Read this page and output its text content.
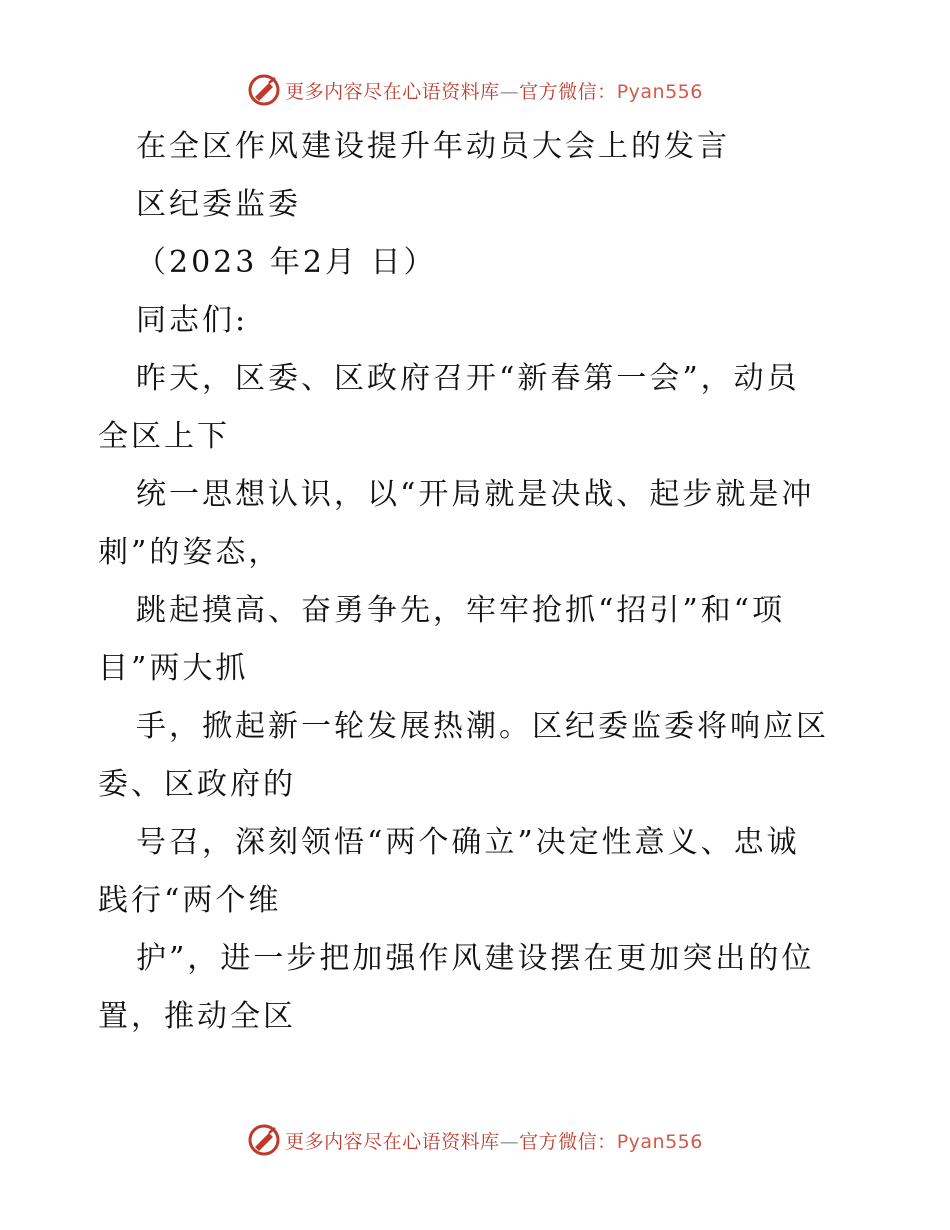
更多内容尽在心语资料库—官方微信：Pyan556
在全区作风建设提升年动员大会上的发言
区纪委监委
（2023 年2月 日）
同志们:
昨天，区委、区政府召开“新春第一会”，动员
全区上下
统一思想认识，以“开局就是决战、起步就是冲
刺”的姿态，
跳起摸高、奋勇争先，牢牢抢抓“招引”和“项
目”两大抓
手，掀起新一轮发展热潮。区纪委监委将响应区
委、区政府的
号召，深刻领悟“两个确立”决定性意义、忠诚
践行“两个维
护”，进一步把加强作风建设摆在更加突出的位
置，推动全区
更多内容尽在心语资料库—官方微信：Pyan556
